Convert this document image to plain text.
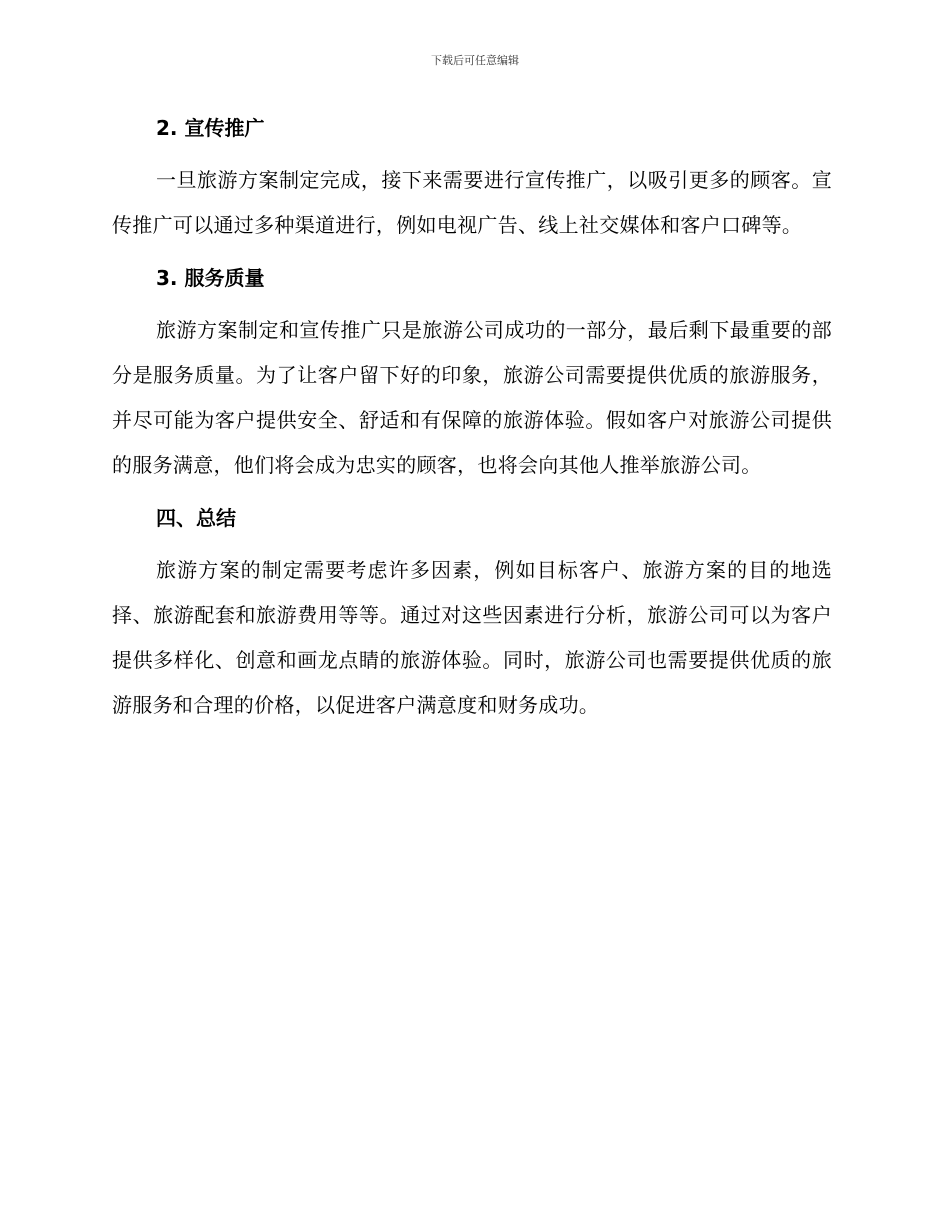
下载后可任意编辑
2. 宣传推广

一旦旅游方案制定完成，接下来需要进行宣传推广，以吸引更多的顾客。宣传推广可以通过多种渠道进行，例如电视广告、线上社交媒体和客户口碑等。

3. 服务质量

旅游方案制定和宣传推广只是旅游公司成功的一部分，最后剩下最重要的部分是服务质量。为了让客户留下好的印象，旅游公司需要提供优质的旅游服务，并尽可能为客户提供安全、舒适和有保障的旅游体验。假如客户对旅游公司提供的服务满意，他们将会成为忠实的顾客，也将会向其他人推举旅游公司。

四、总结

旅游方案的制定需要考虑许多因素，例如目标客户、旅游方案的目的地选择、旅游配套和旅游费用等等。通过对这些因素进行分析，旅游公司可以为客户提供多样化、创意和画龙点睛的旅游体验。同时，旅游公司也需要提供优质的旅游服务和合理的价格，以促进客户满意度和财务成功。
